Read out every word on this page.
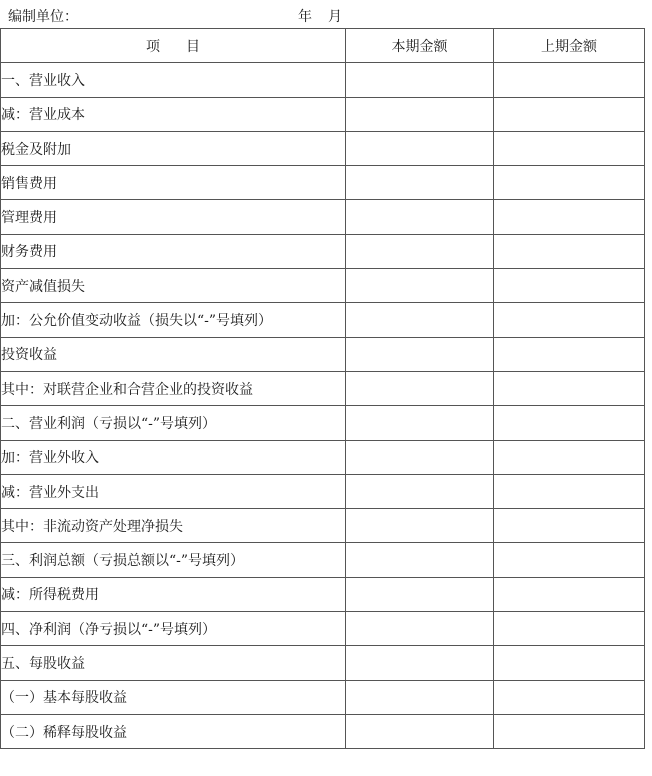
编制单位：	年 月
项 目	本期金额	上期金额
一、营业收入		
减：营业成本		
税金及附加		
销售费用		
管理费用		
财务费用		
资产减值损失		
加：公允价值变动收益（损失以“-”号填列）		
投资收益		
其中：对联营企业和合营企业的投资收益		
二、营业利润（亏损以“-”号填列）		
加：营业外收入		
减：营业外支出		
其中：非流动资产处理净损失		
三、利润总额（亏损总额以“-”号填列）		
减：所得税费用		
四、净利润（净亏损以“-”号填列）		
五、每股收益		
（一）基本每股收益		
（二）稀释每股收益		
